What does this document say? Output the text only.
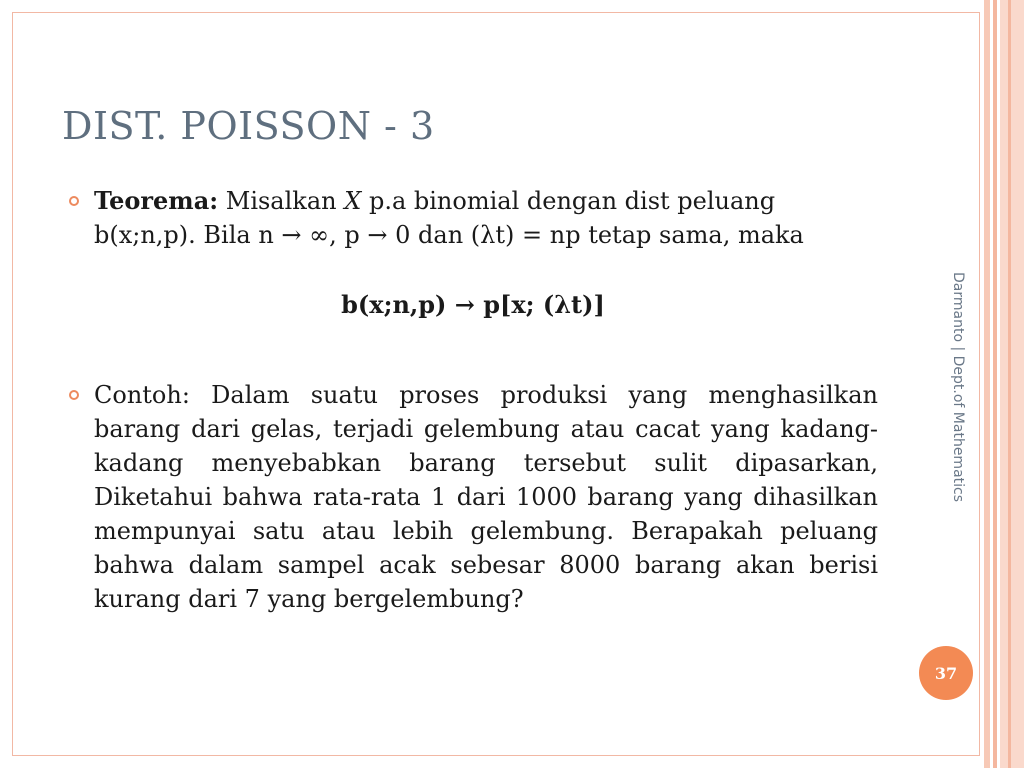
DIST. POISSON - 3
Teorema: Misalkan X p.a binomial dengan dist peluang b(x;n,p). Bila n → ∞, p → 0 dan (λt) = np tetap sama, maka
b(x;n,p) → p[x; (λt)]
Contoh: Dalam suatu proses produksi yang menghasilkan barang dari gelas, terjadi gelembung atau cacat yang kadang-kadang menyebabkan barang tersebut sulit dipasarkan, Diketahui bahwa rata-rata 1 dari 1000 barang yang dihasilkan mempunyai satu atau lebih gelembung. Berapakah peluang bahwa dalam sampel acak sebesar 8000 barang akan berisi kurang dari 7 yang bergelembung?
Darmanto | Dept.of Mathematics
37
